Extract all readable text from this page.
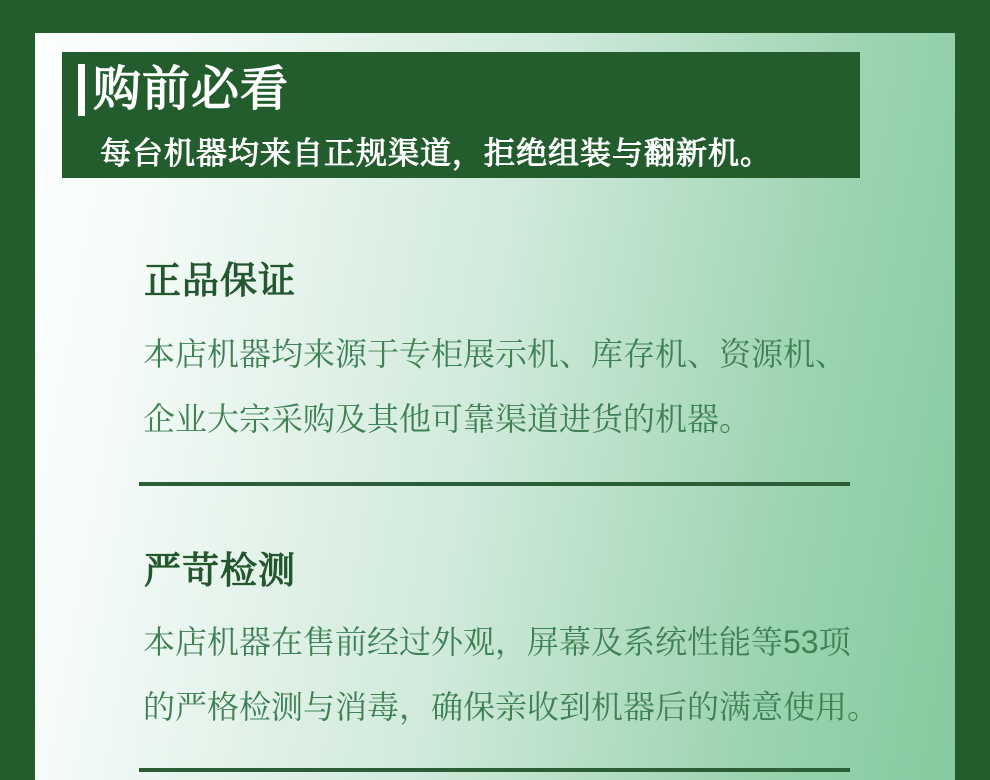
购前必看
每台机器均来自正规渠道，拒绝组装与翻新机。
正品保证
本店机器均来源于专柜展示机、库存机、资源机、
企业大宗采购及其他可靠渠道进货的机器。
严苛检测
本店机器在售前经过外观，屏幕及系统性能等53项
的严格检测与消毒，确保亲收到机器后的满意使用。
